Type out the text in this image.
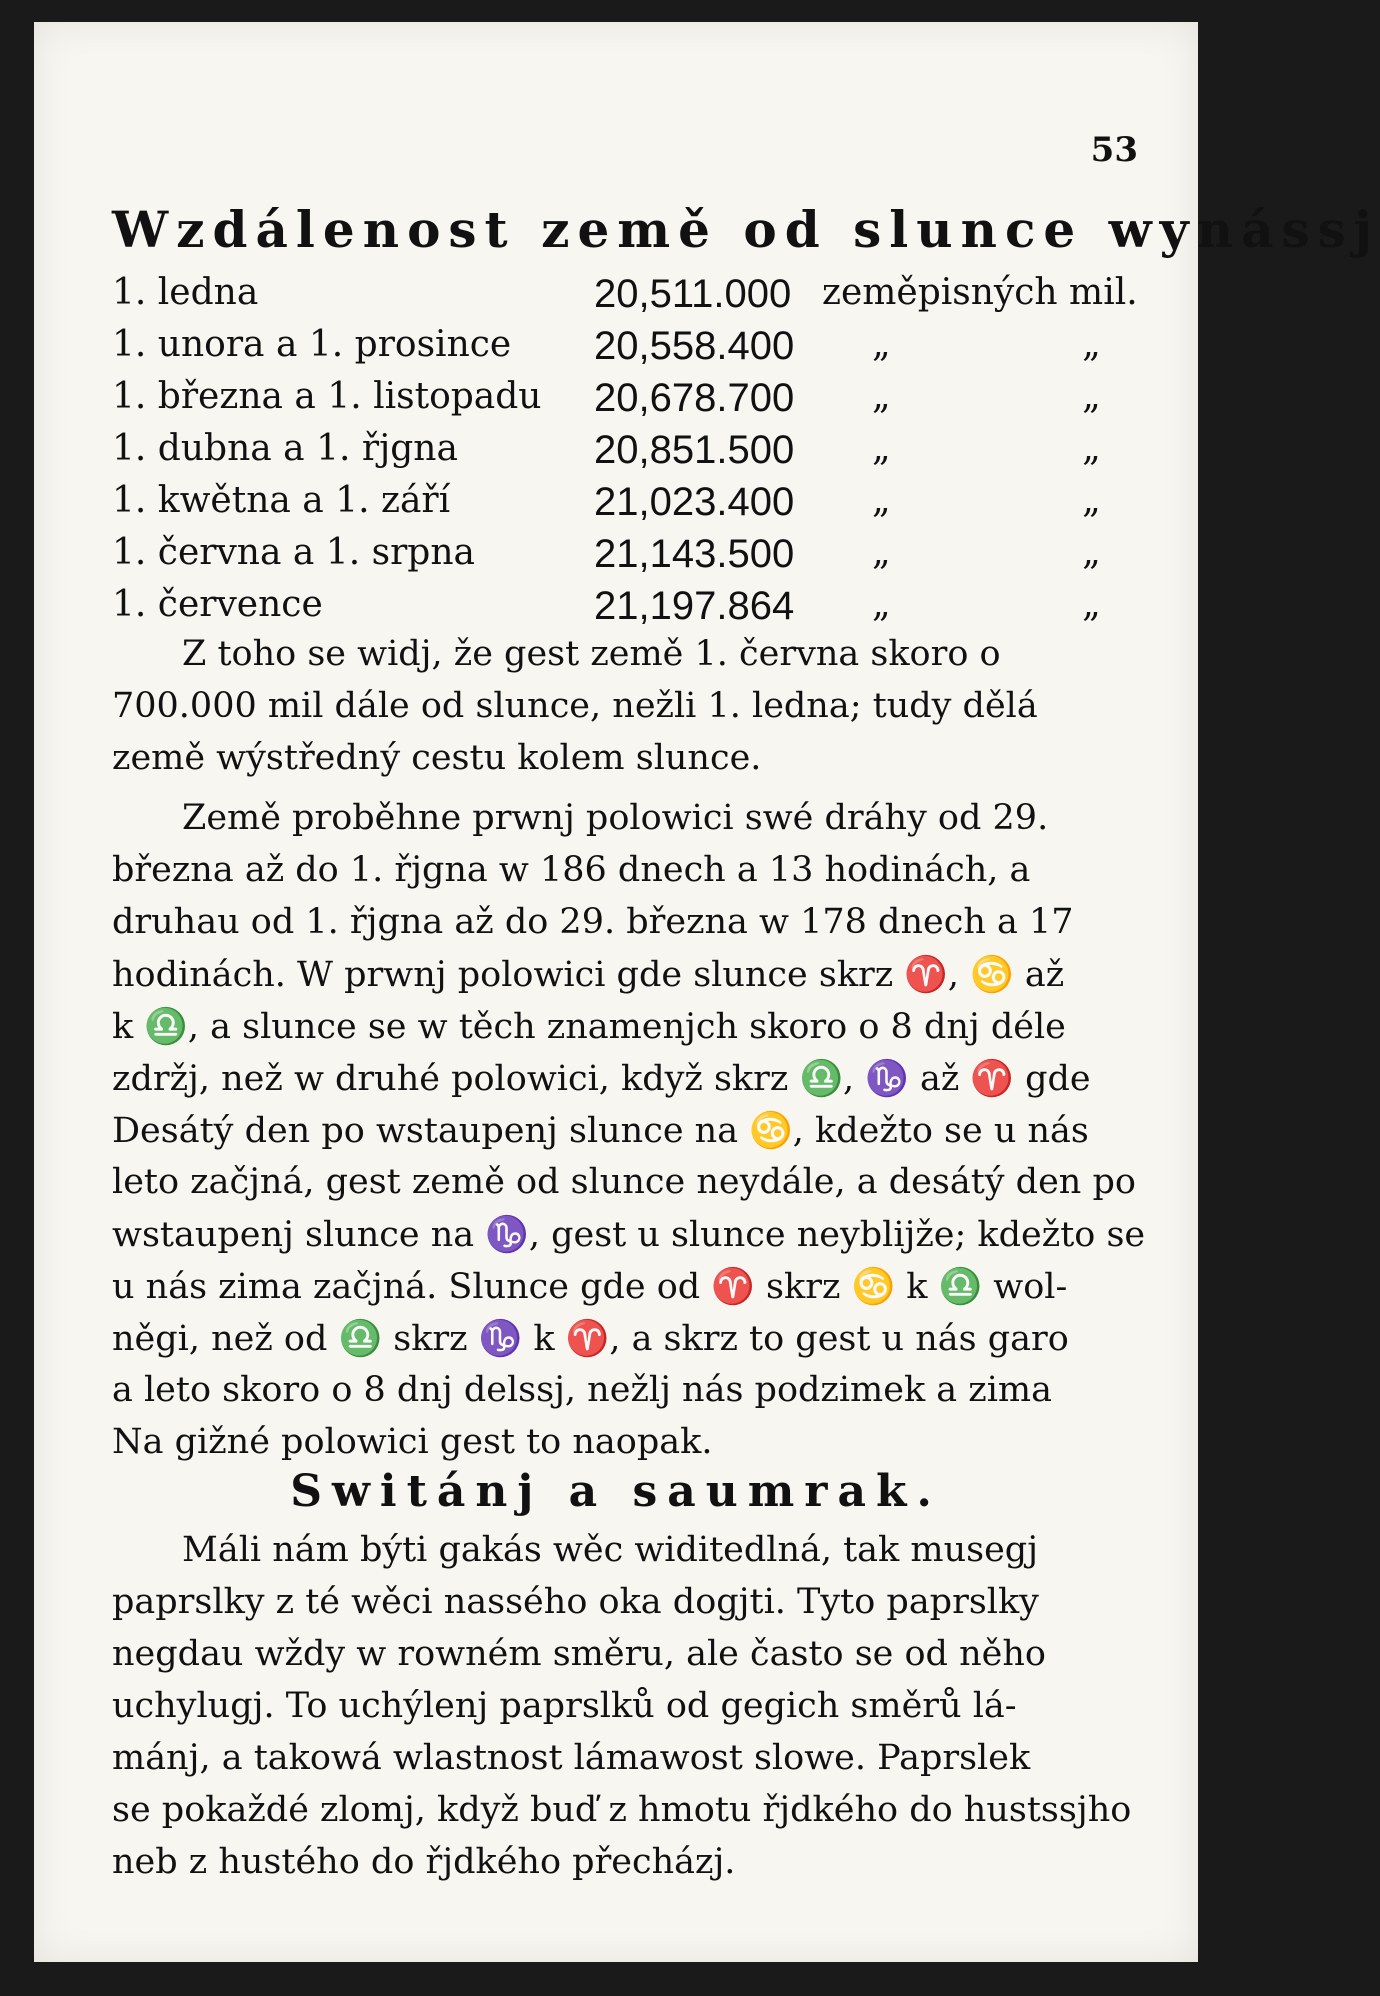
53
Wzdálenost země od slunce wynássj
1. ledna	20,511.000 zeměpisných mil.
1. unora a 1. prosince 20,558.400 „ „
1. března a 1. listopadu 20,678.700 „ „
1. dubna a 1. řjgna	20,851.500 „ „
1. kwětna a 1. září	21,023.400 „ „
1. června a 1. srpna	21,143.500 „ „
1. července	21,197.864 „ „
Z toho se widj, že gest země 1. června skoro o
700.000 mil dále od slunce, nežli 1. ledna; tudy dělá
země wýstředný cestu kolem slunce.
Země proběhne prwnj polowici swé dráhy od 29.
března až do 1. řjgna w 186 dnech a 13 hodinách, a
druhau od 1. řjgna až do 29. března w 178 dnech a 17
hodinách. W prwnj polowici gde slunce skrz ♈, ♋ až
k ♎, a slunce se w těch znamenjch skoro o 8 dnj déle
zdržj, než w druhé polowici, když skrz ♎, ♑ až ♈ gde
Desátý den po wstaupenj slunce na ♋, kdežto se u nás
leto začjná, gest země od slunce neydále, a desátý den po
wstaupenj slunce na ♑, gest u slunce neyblijže; kdežto se
u nás zima začjná. Slunce gde od ♈ skrz ♋ k ♎ wol-
něgi, než od ♎ skrz ♑ k ♈, a skrz to gest u nás garo
a leto skoro o 8 dnj delssj, nežlj nás podzimek a zima
Na gižné polowici gest to naopak.
Switánj a saumrak.
Máli nám býti gakás wěc widitedlná, tak musegj
paprslky z té wěci nassého oka dogjti. Tyto paprslky
negdau wždy w rowném směru, ale často se od něho
uchylugj. To uchýlenj paprslků od gegich směrů lá-
mánj, a takowá wlastnost lámawost slowe. Paprslek
se pokaždé zlomj, když buď z hmotu řjdkého do hustssjho
neb z hustého do řjdkého přecházj.
